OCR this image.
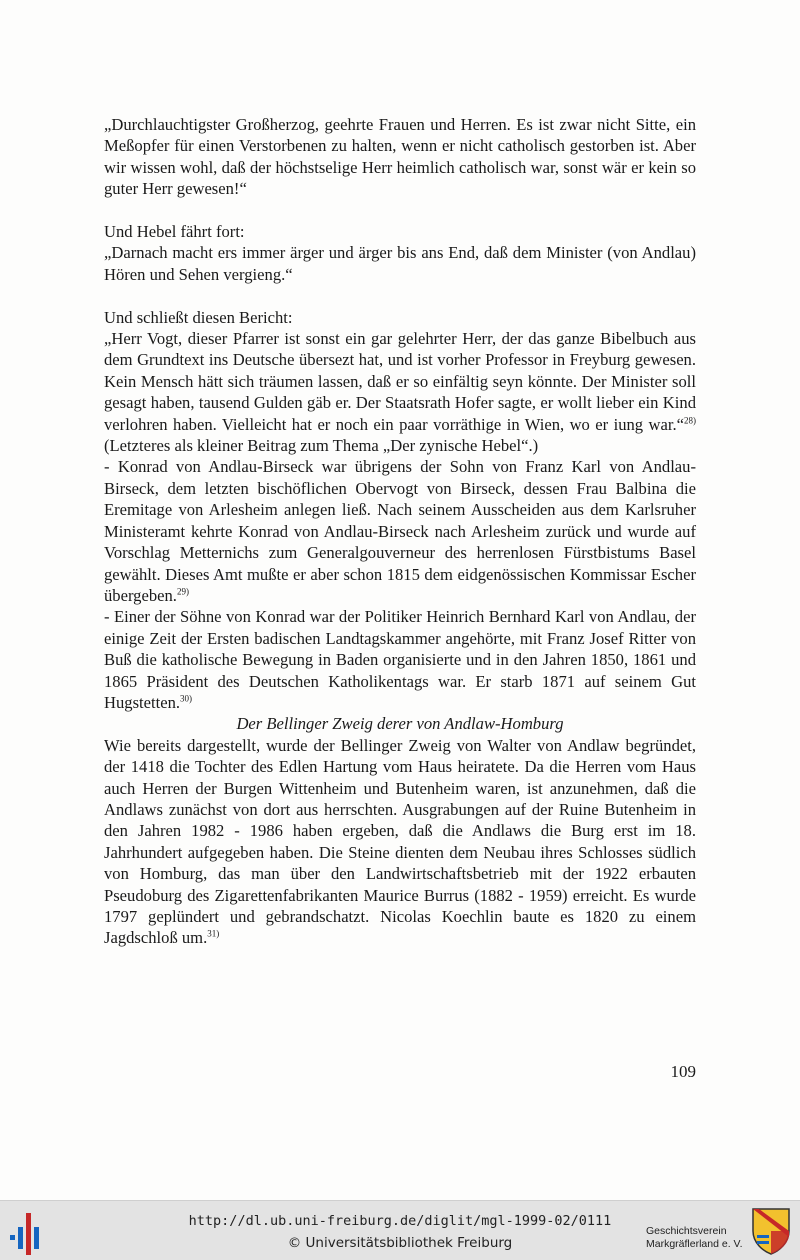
„Durchlauchtigster Großherzog, geehrte Frauen und Herren. Es ist zwar nicht Sitte, ein Meßopfer für einen Verstorbenen zu halten, wenn er nicht catholisch gestorben ist. Aber wir wissen wohl, daß der höchstselige Herr heimlich catholisch war, sonst wär er kein so guter Herr gewesen!“

Und Hebel fährt fort:

„Darnach macht ers immer ärger und ärger bis ans End, daß dem Minister (von Andlau) Hören und Sehen vergieng.“

Und schließt diesen Bericht:

„Herr Vogt, dieser Pfarrer ist sonst ein gar gelehrter Herr, der das ganze Bibelbuch aus dem Grundtext ins Deutsche übersezt hat, und ist vorher Professor in Freyburg gewesen. Kein Mensch hätt sich träumen lassen, daß er so einfältig seyn könnte. Der Minister soll gesagt haben, tausend Gulden gäb er. Der Staatsrath Hofer sagte, er wollt lieber ein Kind verlohren haben. Vielleicht hat er noch ein paar vorräthige in Wien, wo er iung war.“$^{28)}$ (Letzteres als kleiner Beitrag zum Thema „Der zynische Hebel“.)

- Konrad von Andlau-Birseck war übrigens der Sohn von Franz Karl von Andlau-Birseck, dem letzten bischöflichen Obervogt von Birseck, dessen Frau Balbina die Eremitage von Arlesheim anlegen ließ. Nach seinem Ausscheiden aus dem Karlsruher Ministeramt kehrte Konrad von Andlau-Birseck nach Arlesheim zurück und wurde auf Vorschlag Metternichs zum Generalgouverneur des herrenlosen Fürstbistums Basel gewählt. Dieses Amt mußte er aber schon 1815 dem eidgenössischen Kommissar Escher übergeben.$^{29)}$

- Einer der Söhne von Konrad war der Politiker Heinrich Bernhard Karl von Andlau, der einige Zeit der Ersten badischen Landtagskammer angehörte, mit Franz Josef Ritter von Buß die katholische Bewegung in Baden organisierte und in den Jahren 1850, 1861 und 1865 Präsident des Deutschen Katholikentags war. Er starb 1871 auf seinem Gut Hugstetten.$^{30)}$

Der Bellinger Zweig derer von Andlaw-Homburg

Wie bereits dargestellt, wurde der Bellinger Zweig von Walter von Andlaw begründet, der 1418 die Tochter des Edlen Hartung vom Haus heiratete. Da die Herren vom Haus auch Herren der Burgen Wittenheim und Butenheim waren, ist anzunehmen, daß die Andlaws zunächst von dort aus herrschten. Ausgrabungen auf der Ruine Butenheim in den Jahren 1982 - 1986 haben ergeben, daß die Andlaws die Burg erst im 18. Jahrhundert aufgegeben haben. Die Steine dienten dem Neubau ihres Schlosses südlich von Homburg, das man über den Landwirtschaftsbetrieb mit der 1922 erbauten Pseudoburg des Zigarettenfabrikanten Maurice Burrus (1882 - 1959) erreicht. Es wurde 1797 geplündert und gebrandschatzt. Nicolas Koechlin baute es 1820 zu einem Jagdschloß um.$^{31)}$

109
http://dl.ub.uni-freiburg.de/diglit/mgl-1999-02/0111
© Universitätsbibliothek Freiburg
Geschichtsverein
Markgräflerland e. V.
